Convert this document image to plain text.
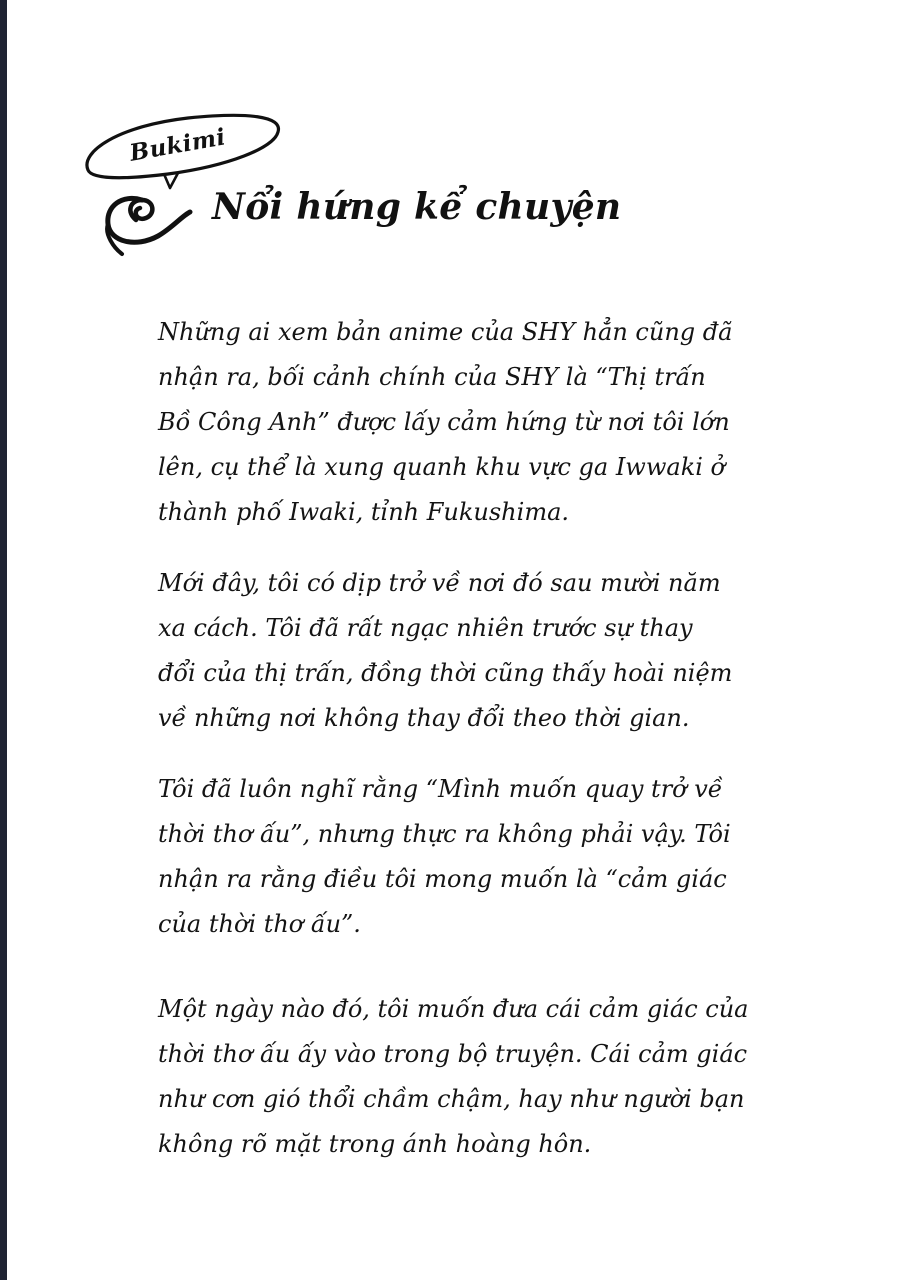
Bukimi
Nổi hứng kể chuyện

Những ai xem bản anime của SHY hẳn cũng đã
nhận ra, bối cảnh chính của SHY là “Thị trấn
Bồ Công Anh” được lấy cảm hứng từ nơi tôi lớn
lên, cụ thể là xung quanh khu vực ga Iwwaki ở
thành phố Iwaki, tỉnh Fukushima.

Mới đây, tôi có dịp trở về nơi đó sau mười năm
xa cách. Tôi đã rất ngạc nhiên trước sự thay
đổi của thị trấn, đồng thời cũng thấy hoài niệm
về những nơi không thay đổi theo thời gian.

Tôi đã luôn nghĩ rằng “Mình muốn quay trở về
thời thơ ấu”, nhưng thực ra không phải vậy. Tôi
nhận ra rằng điều tôi mong muốn là “cảm giác
của thời thơ ấu”.

Một ngày nào đó, tôi muốn đưa cái cảm giác của
thời thơ ấu ấy vào trong bộ truyện. Cái cảm giác
như cơn gió thổi chầm chậm, hay như người bạn
không rõ mặt trong ánh hoàng hôn.
